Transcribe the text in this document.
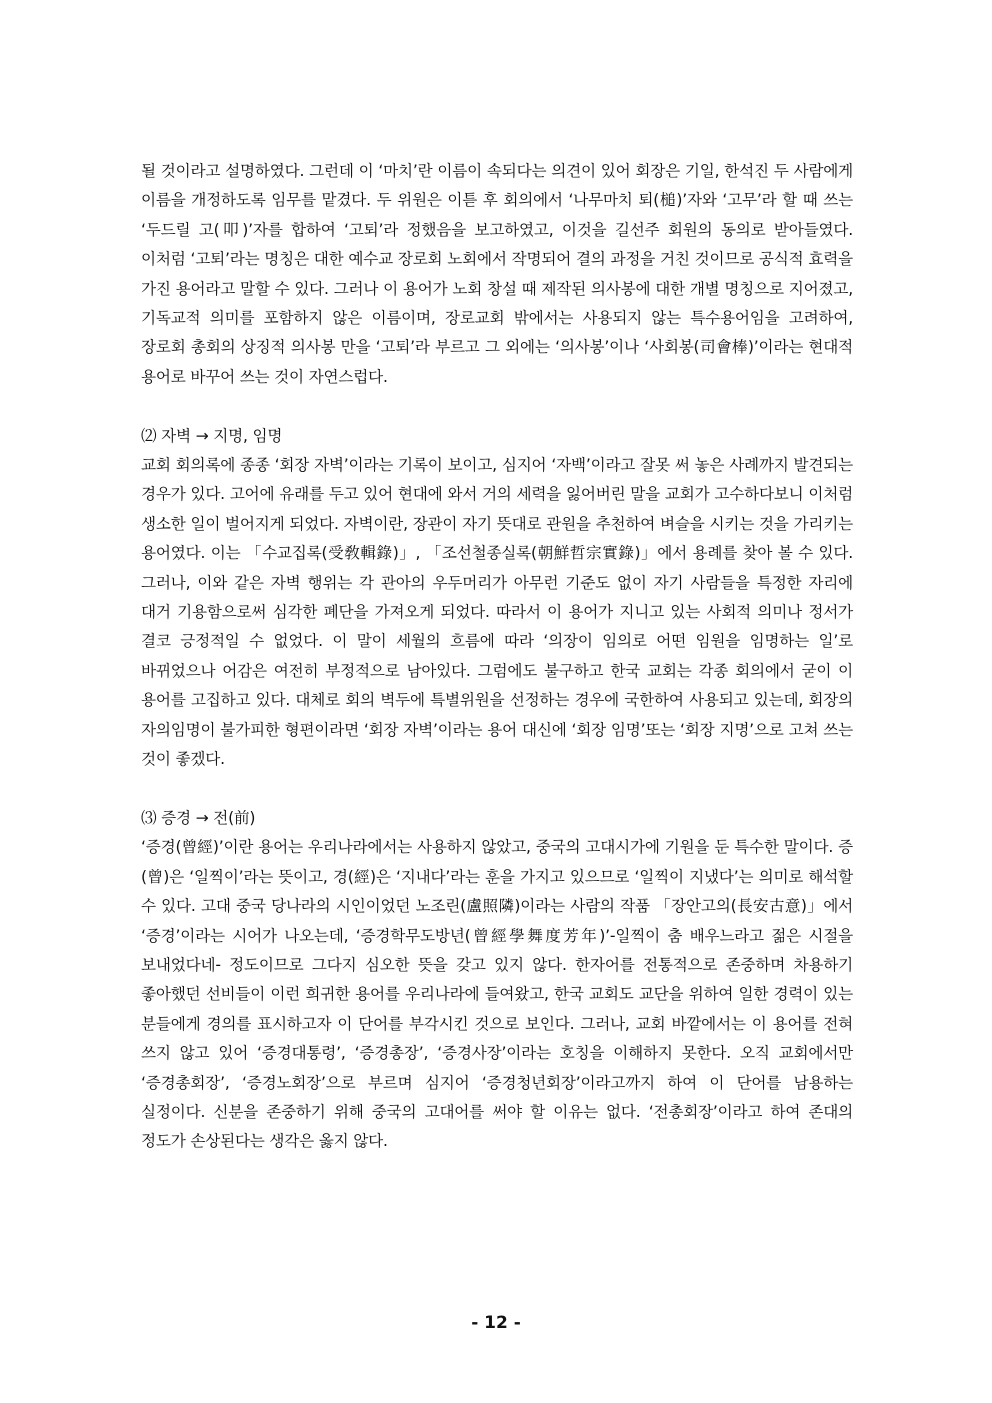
될 것이라고 설명하였다. 그런데 이 ‘마치’란 이름이 속되다는 의견이 있어 회장은 기일, 한석진 두 사람에게 이름을 개정하도록 임무를 맡겼다. 두 위원은 이튿 후 회의에서 ‘나무마치 퇴(槌)’자와 ‘고무’라 할 때 쓰는 ‘두드릴 고(叩)’자를 합하여 ‘고퇴’라 정했음을 보고하였고, 이것을 길선주 회원의 동의로 받아들였다. 이처럼 ‘고퇴’라는 명칭은 대한 예수교 장로회 노회에서 작명되어 결의 과정을 거친 것이므로 공식적 효력을 가진 용어라고 말할 수 있다. 그러나 이 용어가 노회 창설 때 제작된 의사봉에 대한 개별 명칭으로 지어졌고, 기독교적 의미를 포함하지 않은 이름이며, 장로교회 밖에서는 사용되지 않는 특수용어임을 고려하여, 장로회 총회의 상징적 의사봉 만을 ‘고퇴’라 부르고 그 외에는 ‘의사봉’이나 ‘사회봉(司會棒)’이라는 현대적 용어로 바꾸어 쓰는 것이 자연스럽다.

⑵ 자벽 → 지명, 임명

교회 회의록에 종종 ‘회장 자벽’이라는 기록이 보이고, 심지어 ‘자백’이라고 잘못 써 놓은 사례까지 발견되는 경우가 있다. 고어에 유래를 두고 있어 현대에 와서 거의 세력을 잃어버린 말을 교회가 고수하다보니 이처럼 생소한 일이 벌어지게 되었다. 자벽이란, 장관이 자기 뜻대로 관원을 추천하여 벼슬을 시키는 것을 가리키는 용어였다. 이는 「수교집록(受敎輯錄)」, 「조선철종실록(朝鮮哲宗實錄)」에서 용례를 찾아 볼 수 있다. 그러나, 이와 같은 자벽 행위는 각 관아의 우두머리가 아무런 기준도 없이 자기 사람들을 특정한 자리에 대거 기용함으로써 심각한 폐단을 가져오게 되었다. 따라서 이 용어가 지니고 있는 사회적 의미나 정서가 결코 긍정적일 수 없었다. 이 말이 세월의 흐름에 따라 ‘의장이 임의로 어떤 임원을 임명하는 일’로 바뀌었으나 어감은 여전히 부정적으로 남아있다. 그럼에도 불구하고 한국 교회는 각종 회의에서 굳이 이 용어를 고집하고 있다. 대체로 회의 벽두에 특별위원을 선정하는 경우에 국한하여 사용되고 있는데, 회장의 자의임명이 불가피한 형편이라면 ‘회장 자벽’이라는 용어 대신에 ‘회장 임명’또는 ‘회장 지명’으로 고쳐 쓰는 것이 좋겠다.

⑶ 증경 → 전(前)

‘증경(曾經)’이란 용어는 우리나라에서는 사용하지 않았고, 중국의 고대시가에 기원을 둔 특수한 말이다. 증(曾)은 ‘일찍이’라는 뜻이고, 경(經)은 ‘지내다’라는 훈을 가지고 있으므로 ‘일찍이 지냈다’는 의미로 해석할 수 있다. 고대 중국 당나라의 시인이었던 노조린(盧照隣)이라는 사람의 작품 「장안고의(長安古意)」에서 ‘증경’이라는 시어가 나오는데, ‘증경학무도방년(曾經學舞度芳年)’-일찍이 춤 배우느라고 젊은 시절을 보내었다네- 정도이므로 그다지 심오한 뜻을 갖고 있지 않다. 한자어를 전통적으로 존중하며 차용하기 좋아했던 선비들이 이런 희귀한 용어를 우리나라에 들여왔고, 한국 교회도 교단을 위하여 일한 경력이 있는 분들에게 경의를 표시하고자 이 단어를 부각시킨 것으로 보인다. 그러나, 교회 바깥에서는 이 용어를 전혀 쓰지 않고 있어 ‘증경대통령’, ‘증경총장’, ‘증경사장’이라는 호칭을 이해하지 못한다. 오직 교회에서만 ‘증경총회장’, ‘증경노회장’으로 부르며 심지어 ‘증경청년회장’이라고까지 하여 이 단어를 남용하는 실정이다. 신분을 존중하기 위해 중국의 고대어를 써야 할 이유는 없다. ‘전총회장’이라고 하여 존대의 정도가 손상된다는 생각은 옳지 않다.

- 12 -
